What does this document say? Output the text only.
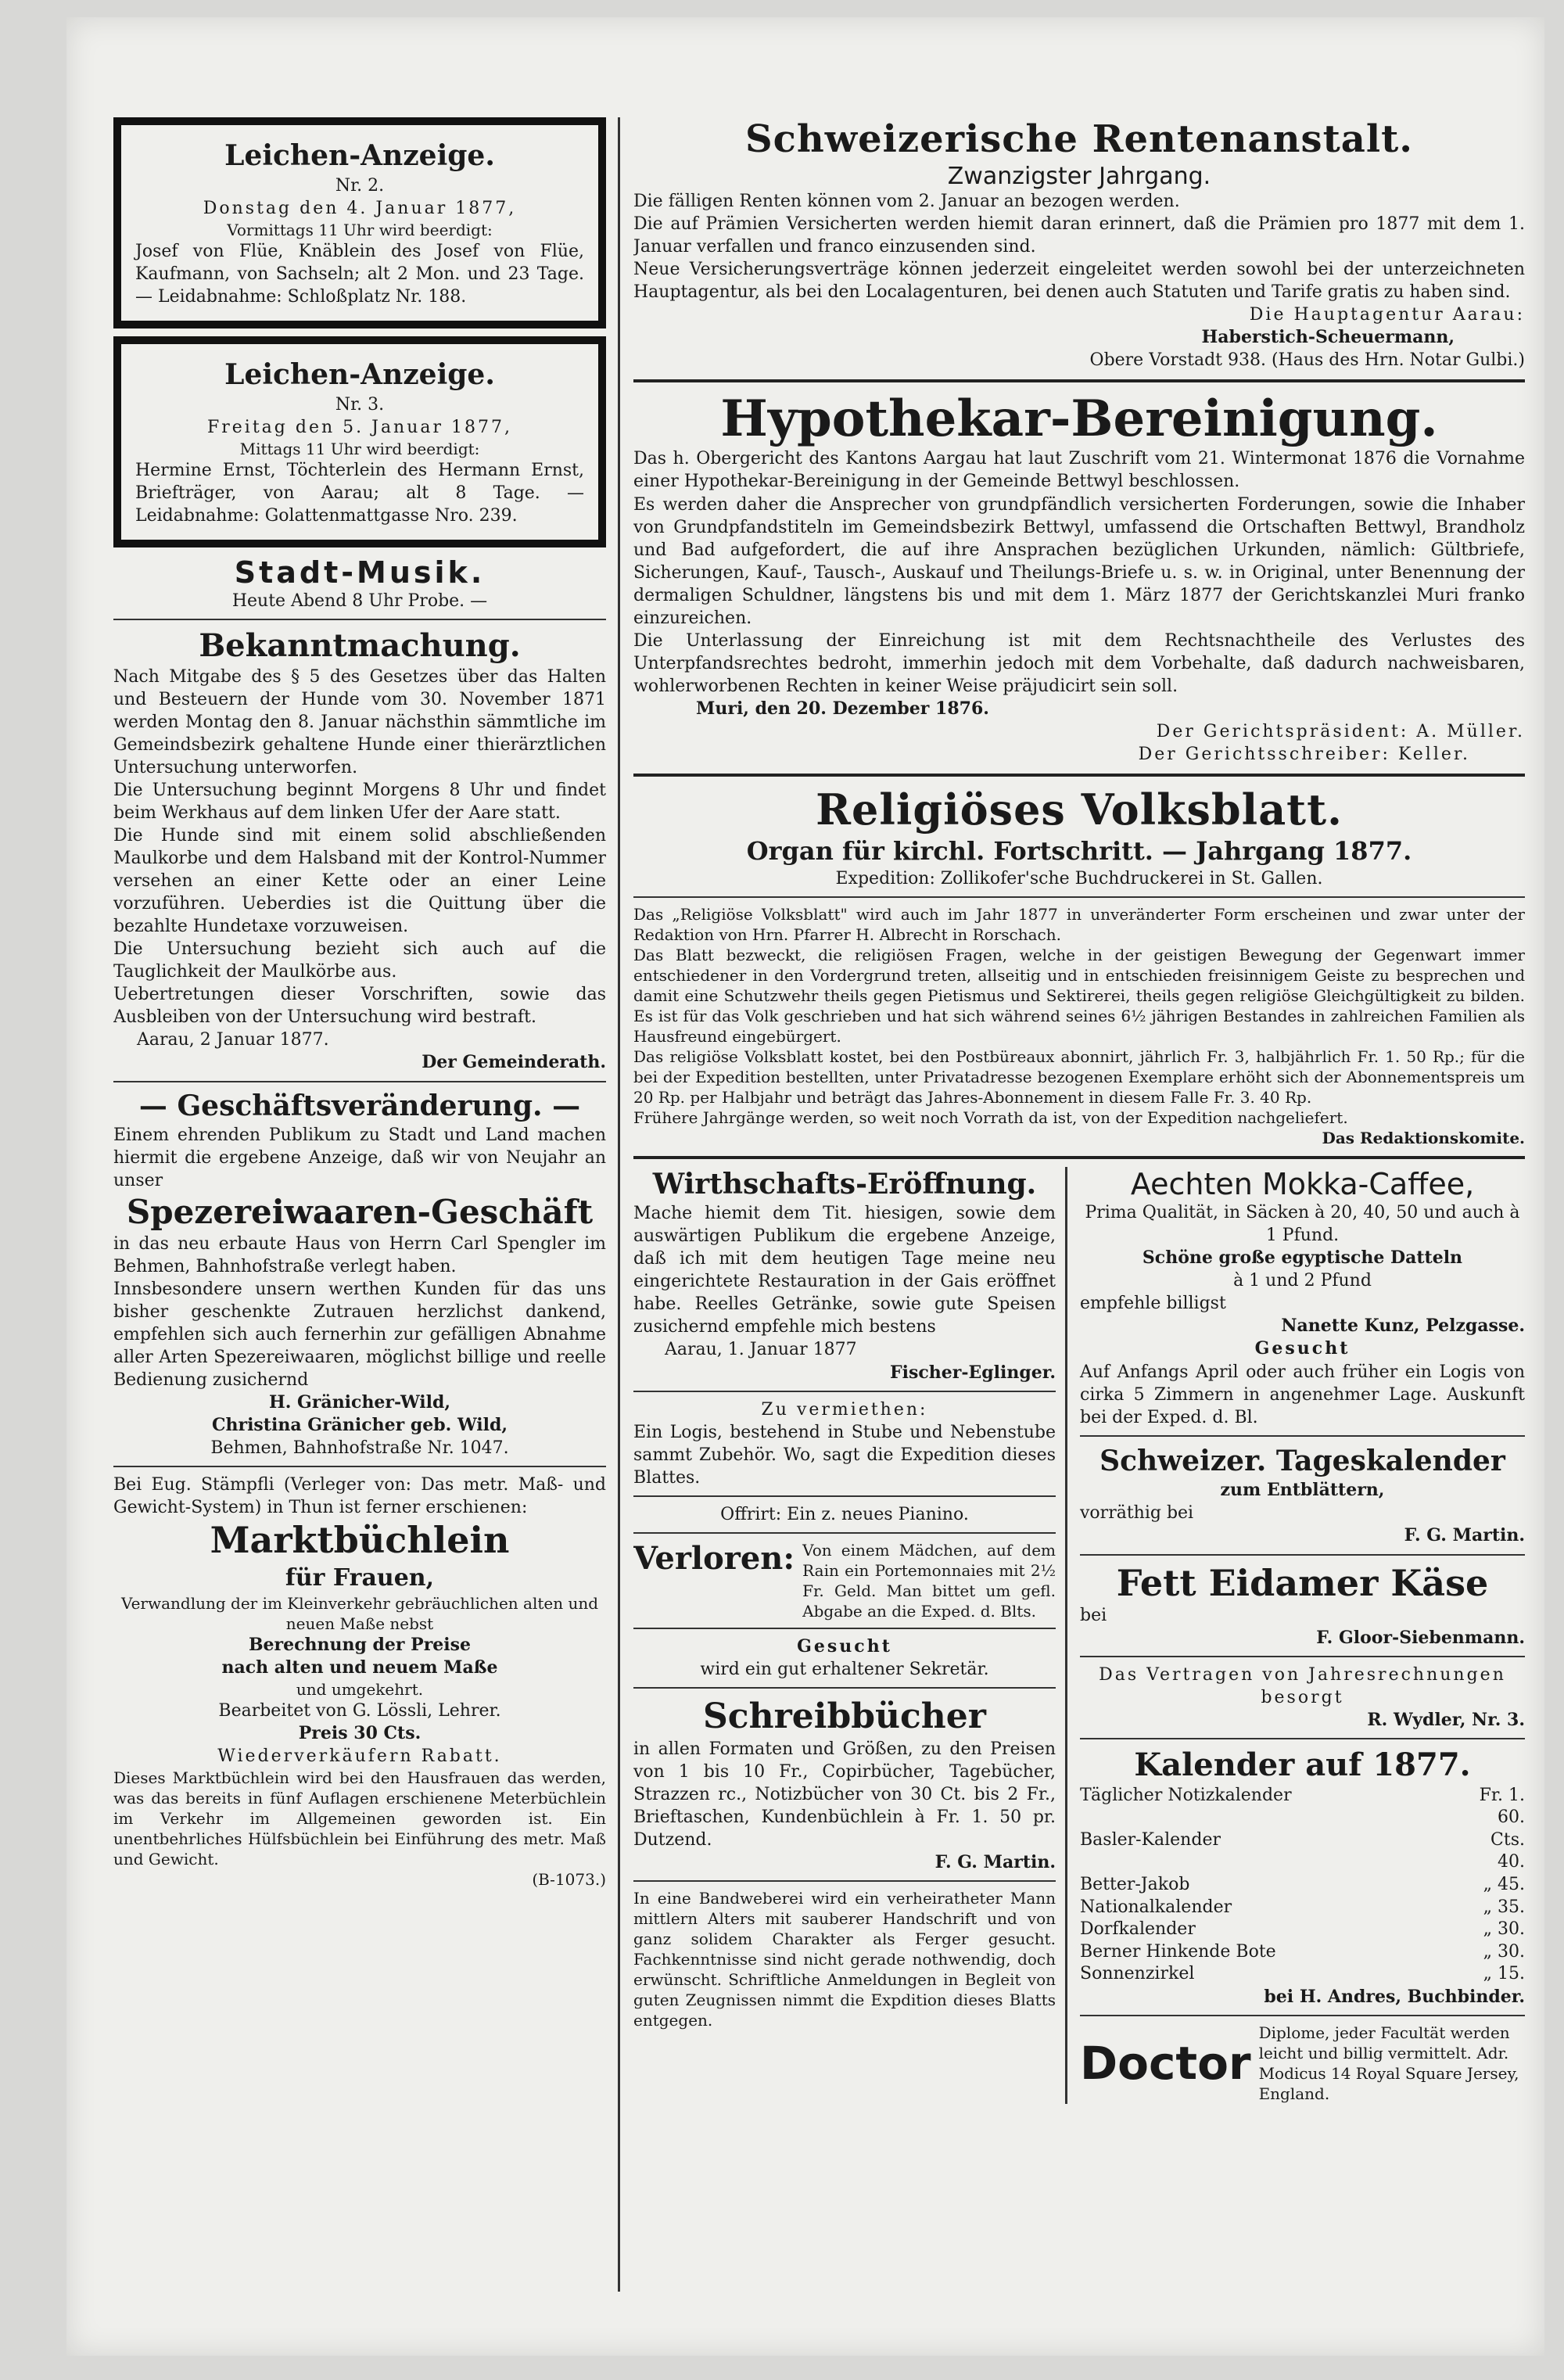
Leichen-Anzeige.
Nr. 2.
Donstag den 4. Januar 1877,
Vormittags 11 Uhr wird beerdigt:
Josef von Flüe, Knäblein des Josef von Flüe, Kaufmann, von Sachseln; alt 2 Mon. und 23 Tage. — Leidabnahme: Schloßplatz Nr. 188.
Leichen-Anzeige.
Nr. 3.
Freitag den 5. Januar 1877,
Mittags 11 Uhr wird beerdigt:
Hermine Ernst, Töchterlein des Hermann Ernst, Briefträger, von Aarau; alt 8 Tage. — Leidabnahme: Golattenmattgasse Nro. 239.
Stadt-Musik.
Heute Abend 8 Uhr Probe. —
Bekanntmachung.
Nach Mitgabe des § 5 des Gesetzes über das Halten und Besteuern der Hunde vom 30. November 1871 werden Montag den 8. Januar nächsthin sämmtliche im Gemeindsbezirk gehaltene Hunde einer thierärztlichen Untersuchung unterworfen.
Die Untersuchung beginnt Morgens 8 Uhr und findet beim Werkhaus auf dem linken Ufer der Aare statt.
Die Hunde sind mit einem solid abschließenden Maulkorbe und dem Halsband mit der Kontrol-Nummer versehen an einer Kette oder an einer Leine vorzuführen. Ueberdies ist die Quittung über die bezahlte Hundetaxe vorzuweisen.
Die Untersuchung bezieht sich auch auf die Tauglichkeit der Maulkörbe aus.
Uebertretungen dieser Vorschriften, sowie das Ausbleiben von der Untersuchung wird bestraft.
Aarau, 2 Januar 1877.
Der Gemeinderath.
— Geschäftsveränderung. —
Einem ehrenden Publikum zu Stadt und Land machen hiermit die ergebene Anzeige, daß wir von Neujahr an unser
Spezereiwaaren-Geschäft
in das neu erbaute Haus von Herrn Carl Spengler im Behmen, Bahnhofstraße verlegt haben.
Innsbesondere unsern werthen Kunden für das uns bisher geschenkte Zutrauen herzlichst dankend, empfehlen sich auch fernerhin zur gefälligen Abnahme aller Arten Spezereiwaaren, möglichst billige und reelle Bedienung zusichernd
H. Gränicher-Wild,
Christina Gränicher geb. Wild,
Behmen, Bahnhofstraße Nr. 1047.
Bei Eug. Stämpfli (Verleger von: Das metr. Maß- und Gewicht-System) in Thun ist ferner erschienen:
Marktbüchlein
für Frauen,
Verwandlung der im Kleinverkehr gebräuchlichen alten und neuen Maße nebst
Berechnung der Preise
nach alten und neuem Maße
und umgekehrt.
Bearbeitet von G. Lössli, Lehrer.
Preis 30 Cts.
Wiederverkäufern Rabatt.
Dieses Marktbüchlein wird bei den Hausfrauen das werden, was das bereits in fünf Auflagen erschienene Meterbüchlein im Verkehr im Allgemeinen geworden ist. Ein unentbehrliches Hülfsbüchlein bei Einführung des metr. Maß und Gewicht.
(B-1073.)
Schweizerische Rentenanstalt.
Zwanzigster Jahrgang.
Die fälligen Renten können vom 2. Januar an bezogen werden.
Die auf Prämien Versicherten werden hiemit daran erinnert, daß die Prämien pro 1877 mit dem 1. Januar verfallen und franco einzusenden sind.
Neue Versicherungsverträge können jederzeit eingeleitet werden sowohl bei der unterzeichneten Hauptagentur, als bei den Localagenturen, bei denen auch Statuten und Tarife gratis zu haben sind.
Die Hauptagentur Aarau:
Haberstich-Scheuermann,
Obere Vorstadt 938. (Haus des Hrn. Notar Gulbi.)
Hypothekar-Bereinigung.
Das h. Obergericht des Kantons Aargau hat laut Zuschrift vom 21. Wintermonat 1876 die Vornahme einer Hypothekar-Bereinigung in der Gemeinde Bettwyl beschlossen.
Es werden daher die Ansprecher von grundpfändlich versicherten Forderungen, sowie die Inhaber von Grundpfandstiteln im Gemeindsbezirk Bettwyl, umfassend die Ortschaften Bettwyl, Brandholz und Bad aufgefordert, die auf ihre Ansprachen bezüglichen Urkunden, nämlich: Gültbriefe, Sicherungen, Kauf-, Tausch-, Auskauf und Theilungs-Briefe u. s. w. in Original, unter Benennung der dermaligen Schuldner, längstens bis und mit dem 1. März 1877 der Gerichtskanzlei Muri franko einzureichen.
Die Unterlassung der Einreichung ist mit dem Rechtsnachtheile des Verlustes des Unterpfandsrechtes bedroht, immerhin jedoch mit dem Vorbehalte, daß dadurch nachweisbaren, wohlerworbenen Rechten in keiner Weise präjudicirt sein soll.
Muri, den 20. Dezember 1876.
Der Gerichtspräsident: A. Müller.
Der Gerichtsschreiber: Keller.
Religiöses Volksblatt.
Organ für kirchl. Fortschritt. — Jahrgang 1877.
Expedition: Zollikofer'sche Buchdruckerei in St. Gallen.
Das „Religiöse Volksblatt" wird auch im Jahr 1877 in unveränderter Form erscheinen und zwar unter der Redaktion von Hrn. Pfarrer H. Albrecht in Rorschach.
Das Blatt bezweckt, die religiösen Fragen, welche in der geistigen Bewegung der Gegenwart immer entschiedener in den Vordergrund treten, allseitig und in entschieden freisinnigem Geiste zu besprechen und damit eine Schutzwehr theils gegen Pietismus und Sektirerei, theils gegen religiöse Gleichgültigkeit zu bilden. Es ist für das Volk geschrieben und hat sich während seines 6½ jährigen Bestandes in zahlreichen Familien als Hausfreund eingebürgert.
Das religiöse Volksblatt kostet, bei den Postbüreaux abonnirt, jährlich Fr. 3, halbjährlich Fr. 1. 50 Rp.; für die bei der Expedition bestellten, unter Privatadresse bezogenen Exemplare erhöht sich der Abonnementspreis um 20 Rp. per Halbjahr und beträgt das Jahres-Abonnement in diesem Falle Fr. 3. 40 Rp.
Frühere Jahrgänge werden, so weit noch Vorrath da ist, von der Expedition nachgeliefert.
Das Redaktionskomite.
Wirthschafts-Eröffnung.
Mache hiemit dem Tit. hiesigen, sowie dem auswärtigen Publikum die ergebene Anzeige, daß ich mit dem heutigen Tage meine neu eingerichtete Restauration in der Gais eröffnet habe. Reelles Getränke, sowie gute Speisen zusichernd empfehle mich bestens
Aarau, 1. Januar 1877
Fischer-Eglinger.
Zu vermiethen:
Ein Logis, bestehend in Stube und Nebenstube sammt Zubehör. Wo, sagt die Expedition dieses Blattes.
Offrirt: Ein z. neues Pianino.
Verloren: Von einem Mädchen, auf dem Rain ein Portemonnaies mit 2½ Fr. Geld. Man bittet um gefl. Abgabe an die Exped. d. Blts.
Gesucht
wird ein gut erhaltener Sekretär.
Schreibbücher
in allen Formaten und Größen, zu den Preisen von 1 bis 10 Fr., Copirbücher, Tagebücher, Strazzen rc., Notizbücher von 30 Ct. bis 2 Fr., Brieftaschen, Kundenbüchlein à Fr. 1. 50 pr. Dutzend.
F. G. Martin.
In eine Bandweberei wird ein verheiratheter Mann mittlern Alters mit sauberer Handschrift und von ganz solidem Charakter als Ferger gesucht. Fachkenntnisse sind nicht gerade nothwendig, doch erwünscht. Schriftliche Anmeldungen in Begleit von guten Zeugnissen nimmt die Expdition dieses Blatts entgegen.
Aechten Mokka-Caffee,
Prima Qualität, in Säcken à 20, 40, 50 und auch à 1 Pfund.
Schöne große egyptische Datteln
à 1 und 2 Pfund
empfehle billigst
Nanette Kunz, Pelzgasse.
Gesucht
Auf Anfangs April oder auch früher ein Logis von cirka 5 Zimmern in angenehmer Lage. Auskunft bei der Exped. d. Bl.
Schweizer. Tageskalender
zum Entblättern,
vorräthig bei
F. G. Martin.
Fett Eidamer Käse
bei
F. Gloor-Siebenmann.
Das Vertragen von Jahresrechnungen besorgt
R. Wydler, Nr. 3.
Kalender auf 1877.
Täglicher Notizkalender	Fr. 1. 60.
Basler-Kalender	Cts. 40.
Better-Jakob	„ 45.
Nationalkalender	„ 35.
Dorfkalender	„ 30.
Berner Hinkende Bote	„ 30.
Sonnenzirkel	„ 15.
bei H. Andres, Buchbinder.
Doctor
Diplome, jeder Facultät werden leicht und billig vermittelt. Adr. Modicus 14 Royal Square Jersey, England.
